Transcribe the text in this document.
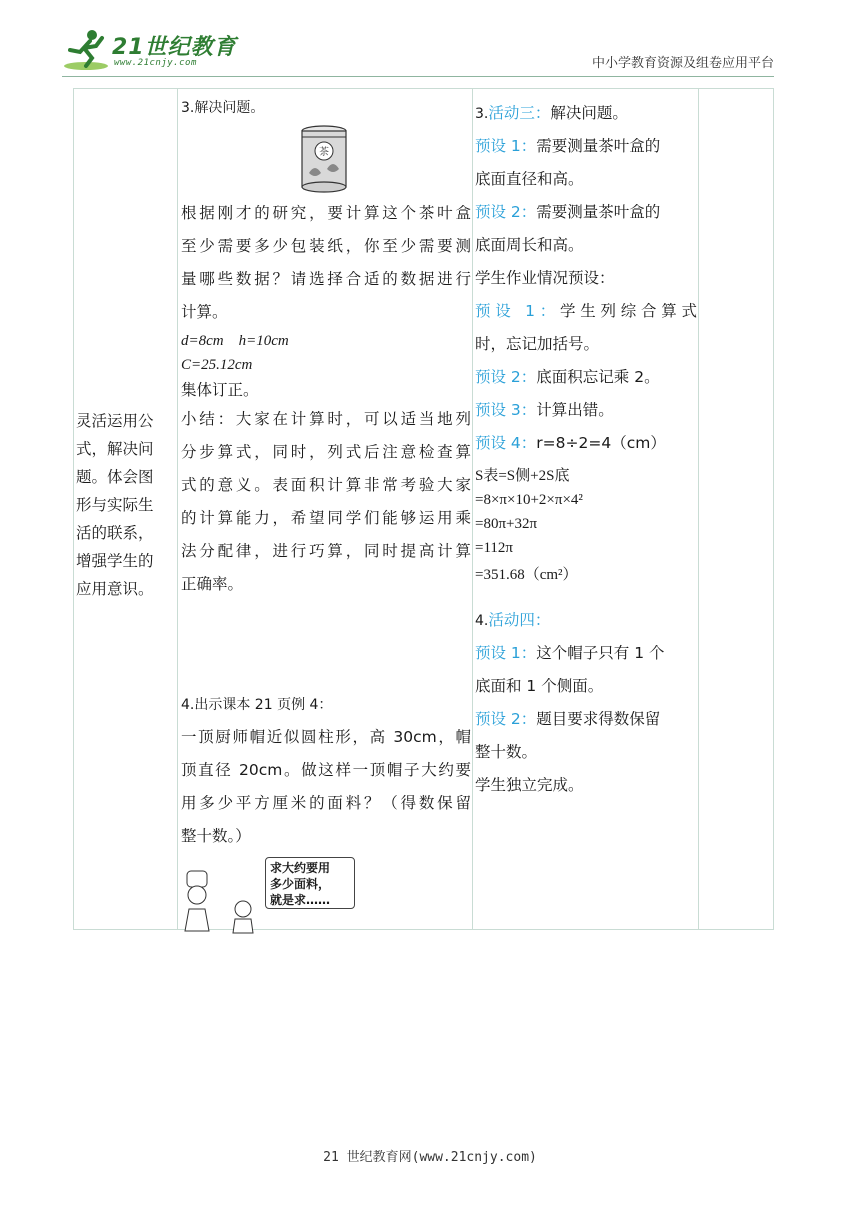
21世纪教育
www.21cnjy.com	中小学教育资源及组卷应用平台

灵活运用公

式，解决问

题。体会图

形与实际生

活的联系，

增强学生的

应用意识。

3.解决问题。

茶

根据刚才的研究，要计算这个茶叶盒

至少需要多少包装纸，你至少需要测

量哪些数据？请选择合适的数据进行

计算。

d=8cm    h=10cm

C=25.12cm

集体订正。

小结：大家在计算时，可以适当地列

分步算式，同时，列式后注意检查算

式的意义。表面积计算非常考验大家

的计算能力，希望同学们能够运用乘

法分配律，进行巧算，同时提高计算

正确率。

4.出示课本 21 页例 4：

一顶厨师帽近似圆柱形，高 30cm，帽

顶直径 20cm。做这样一顶帽子大约要

用多少平方厘米的面料？（得数保留

整十数。）

求大约要用
多少面料，
就是求……

3.活动三：解决问题。

预设 1：需要测量茶叶盒的

底面直径和高。

预设 2：需要测量茶叶盒的

底面周长和高。

学生作业情况预设：

预设 1：学生列综合算式

时，忘记加括号。

预设 2：底面积忘记乘 2。

预设 3：计算出错。

预设 4：r=8÷2=4（cm）

S表=S侧+2S底

=8×π×10+2×π×4²

=80π+32π

=112π

=351.68（cm²）

4.活动四：

预设 1：这个帽子只有 1 个

底面和 1 个侧面。

预设 2：题目要求得数保留

整十数。

学生独立完成。

21 世纪教育网(www.21cnjy.com)
